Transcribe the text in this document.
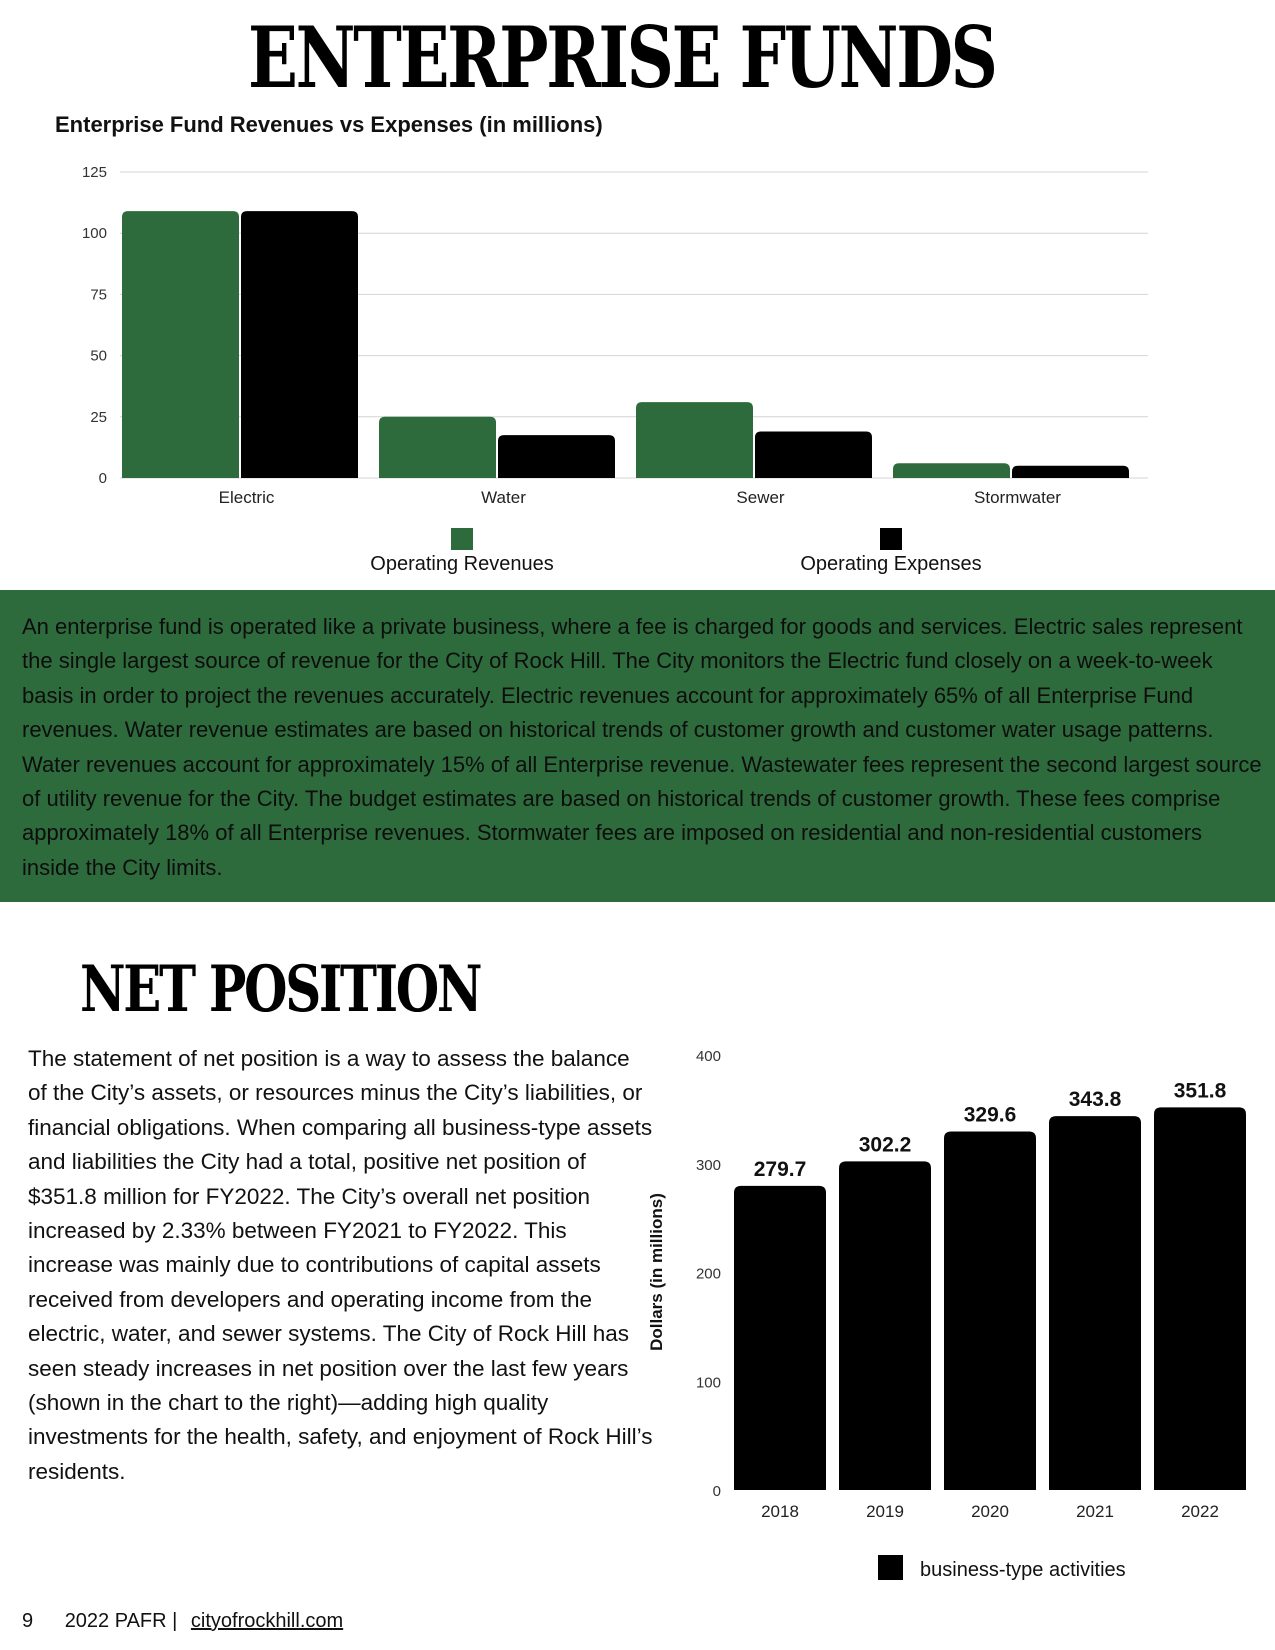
ENTERPRISE FUNDS
Enterprise Fund Revenues vs Expenses (in millions)
0
25
50
75
100
125
Electric	Water	Sewer	Stormwater
Operating Revenues	Operating Expenses

An enterprise fund is operated like a private business, where a fee is charged for goods and services. Electric sales represent the single largest source of revenue for the City of Rock Hill. The City monitors the Electric fund closely on a week-to-week basis in order to project the revenues accurately. Electric revenues account for approximately 65% of all Enterprise Fund revenues. Water revenue estimates are based on historical trends of customer growth and customer water usage patterns. Water revenues account for approximately 15% of all Enterprise revenue. Wastewater fees represent the second largest source of utility revenue for the City. The budget estimates are based on historical trends of customer growth. These fees comprise approximately 18% of all Enterprise revenues. Stormwater fees are imposed on residential and non-residential customers inside the City limits.

NET POSITION

The statement of net position is a way to assess the balance of the City’s assets, or resources minus the City’s liabilities, or financial obligations. When comparing all business-type assets and liabilities the City had a total, positive net position of $351.8 million for FY2022. The City’s overall net position increased by 2.33% between FY2021 to FY2022. This increase was mainly due to contributions of capital assets received from developers and operating income from the electric, water, and sewer systems. The City of Rock Hill has seen steady increases in net position over the last few years (shown in the chart to the right)—adding high quality investments for the health, safety, and enjoyment of Rock Hill’s residents.

0
100
200
300
400
279.7
2018
302.2
2019
329.6
2020
343.8
2021
351.8
2022
Dollars (in millions)
business-type activities
9 2022 PAFR | cityofrockhill.com
